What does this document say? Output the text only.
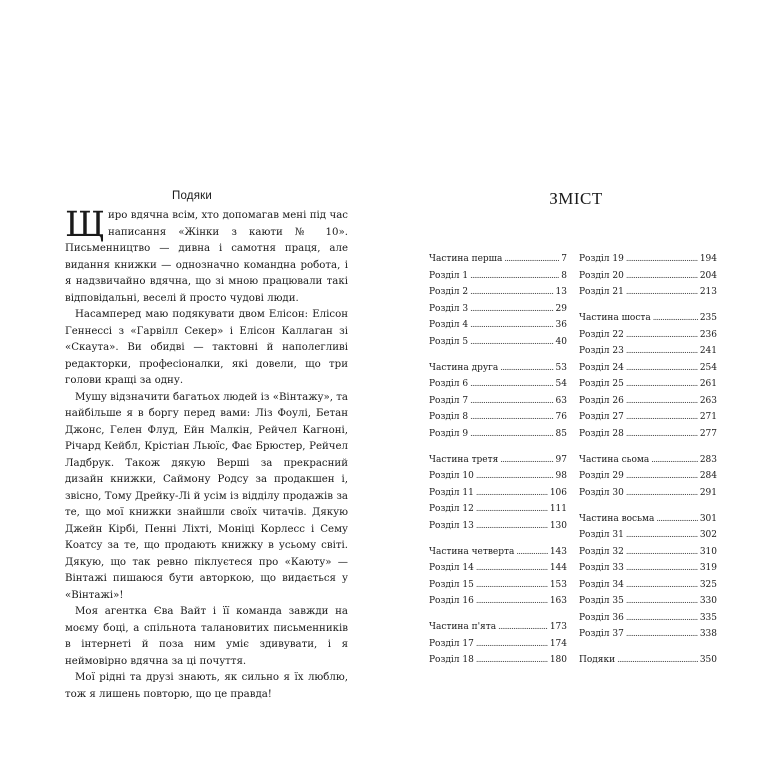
Подяки

Щиро вдячна всім, хто допомагав мені під час написання «Жінки з каюти № 10». Письменництво — дивна і самотня праця, але видання книжки — однозначно командна робота, і я надзвичайно вдячна, що зі мною працювали такі відповідальні, веселі й просто чудові люди.

Насамперед маю подякувати двом Елісон: Елісон Геннессі з «Гарвілл Секер» і Елісон Каллаган зі «Скаута». Ви обидві — тактовні й наполегливі редакторки, професіоналки, які довели, що три голови кращі за одну.

Мушу відзначити багатьох людей із «Вінтажу», та найбільше я в боргу перед вами: Ліз Фоулі, Бетан Джонс, Гелен Флуд, Ейн Малкін, Рейчел Кагноні, Річард Кейбл, Крістіан Льюїс, Фає Брюстер, Рейчел Ладбрук. Також дякую Верші за прекрасний дизайн книжки, Саймону Родсу за продакшен і, звісно, Тому Дрейку-Лі й усім із відділу продажів за те, що мої книжки знайшли своїх читачів. Дякую Джейн Кірбі, Пенні Ліхті, Моніці Корлесс і Сему Коатсу за те, що продають книжку в усьому світі. Дякую, що так ревно піклуєтеся про «Каюту» — Вінтажі пишаюся бути авторкою, що видається у «Вінтажі»!

Моя агентка Єва Вайт і її команда завжди на моєму боці, а спільнота талановитих письменників в інтернеті й поза ним уміє здивувати, і я неймовірно вдячна за ці почуття.

Мої рідні та друзі знають, як сильно я їх люблю, тож я лишень повторю, що це правда!

ЗМІСТ
Частина перша . . .	7
Розділ 1 . . .	8
Розділ 2 . . .	13
Розділ 3 . . .	29
Розділ 4 . . .	36
Розділ 5 . . .	40
Частина друга . . .	53
Розділ 6 . . .	54
Розділ 7 . . .	63
Розділ 8 . . .	76
Розділ 9 . . .	85
Частина третя . . .	97
Розділ 10 . . .	98
Розділ 11 . . .	106
Розділ 12 . . .	111
Розділ 13 . . .	130
Частина четверта . . .	143
Розділ 14 . . .	144
Розділ 15 . . .	153
Розділ 16 . . .	163
Частина п'ята . . .	173
Розділ 17 . . .	174
Розділ 18 . . .	180
Розділ 19 . . .	194
Розділ 20 . . .	204
Розділ 21 . . .	213
Частина шоста . . .	235
Розділ 22 . . .	236
Розділ 23 . . .	241
Розділ 24 . . .	254
Розділ 25 . . .	261
Розділ 26 . . .	263
Розділ 27 . . .	271
Розділ 28 . . .	277
Частина сьома . . .	283
Розділ 29 . . .	284
Розділ 30 . . .	291
Частина восьма . . .	301
Розділ 31 . . .	302
Розділ 32 . . .	310
Розділ 33 . . .	319
Розділ 34 . . .	325
Розділ 35 . . .	330
Розділ 36 . . .	335
Розділ 37 . . .	338
Подяки . . .	350
